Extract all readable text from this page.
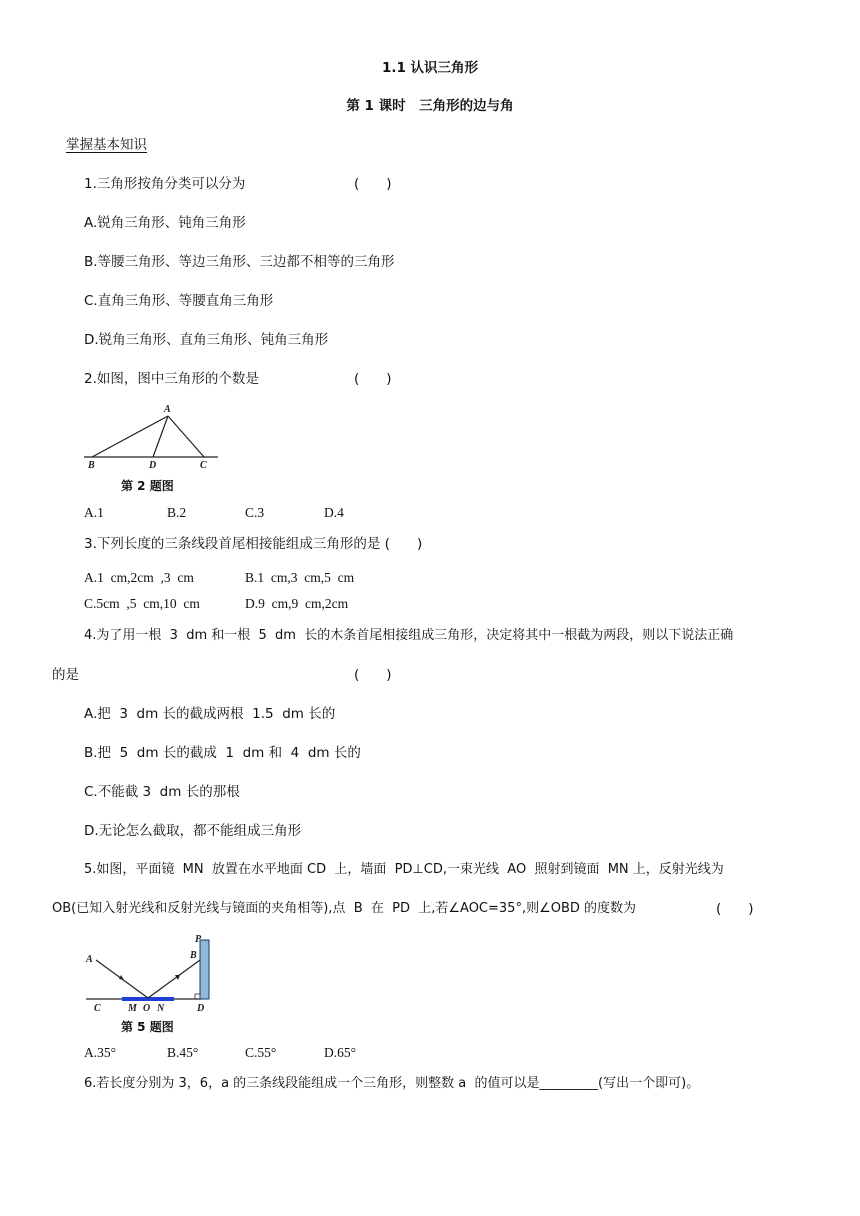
1.1 认识三角形
第 1 课时　三角形的边与角
掌握基本知识
1.三角形按角分类可以分为	(　　)
A.锐角三角形、钝角三角形
B.等腰三角形、等边三角形、三边都不相等的三角形
C.直角三角形、等腰直角三角形
D.锐角三角形、直角三角形、钝角三角形
2.如图，图中三角形的个数是	(　　)
A
B	D	C
第 2 题图
A.1	B.2	C.3	D.4
3.下列长度的三条线段首尾相接能组成三角形的是 (　　)
A.1  cm,2cm  ,3  cm	B.1  cm,3  cm,5  cm
C.5cm  ,5  cm,10  cm	D.9  cm,9  cm,2cm
4.为了用一根  3  dm 和一根  5  dm  长的木条首尾相接组成三角形，决定将其中一根截为两段，则以下说法正确
的是	(　　)
A.把  3  dm 长的截成两根  1.5  dm 长的
B.把  5  dm 长的截成  1  dm 和  4  dm 长的
C.不能截 3  dm 长的那根
D.无论怎么截取，都不能组成三角形
5.如图，平面镜  MN  放置在水平地面 CD  上，墙面  PD⊥CD,一束光线  AO  照射到镜面  MN 上，反射光线为
OB(已知入射光线和反射光线与镜面的夹角相等),点  B  在  PD  上,若∠AOC=35°,则∠OBD 的度数为	(　　)
A	B
P
C	M O N	D
第 5 题图
A.35°	B.45°	C.55°	D.65°
6.若长度分别为 3，6，a 的三条线段能组成一个三角形，则整数 a  的值可以是_________(写出一个即可)。
